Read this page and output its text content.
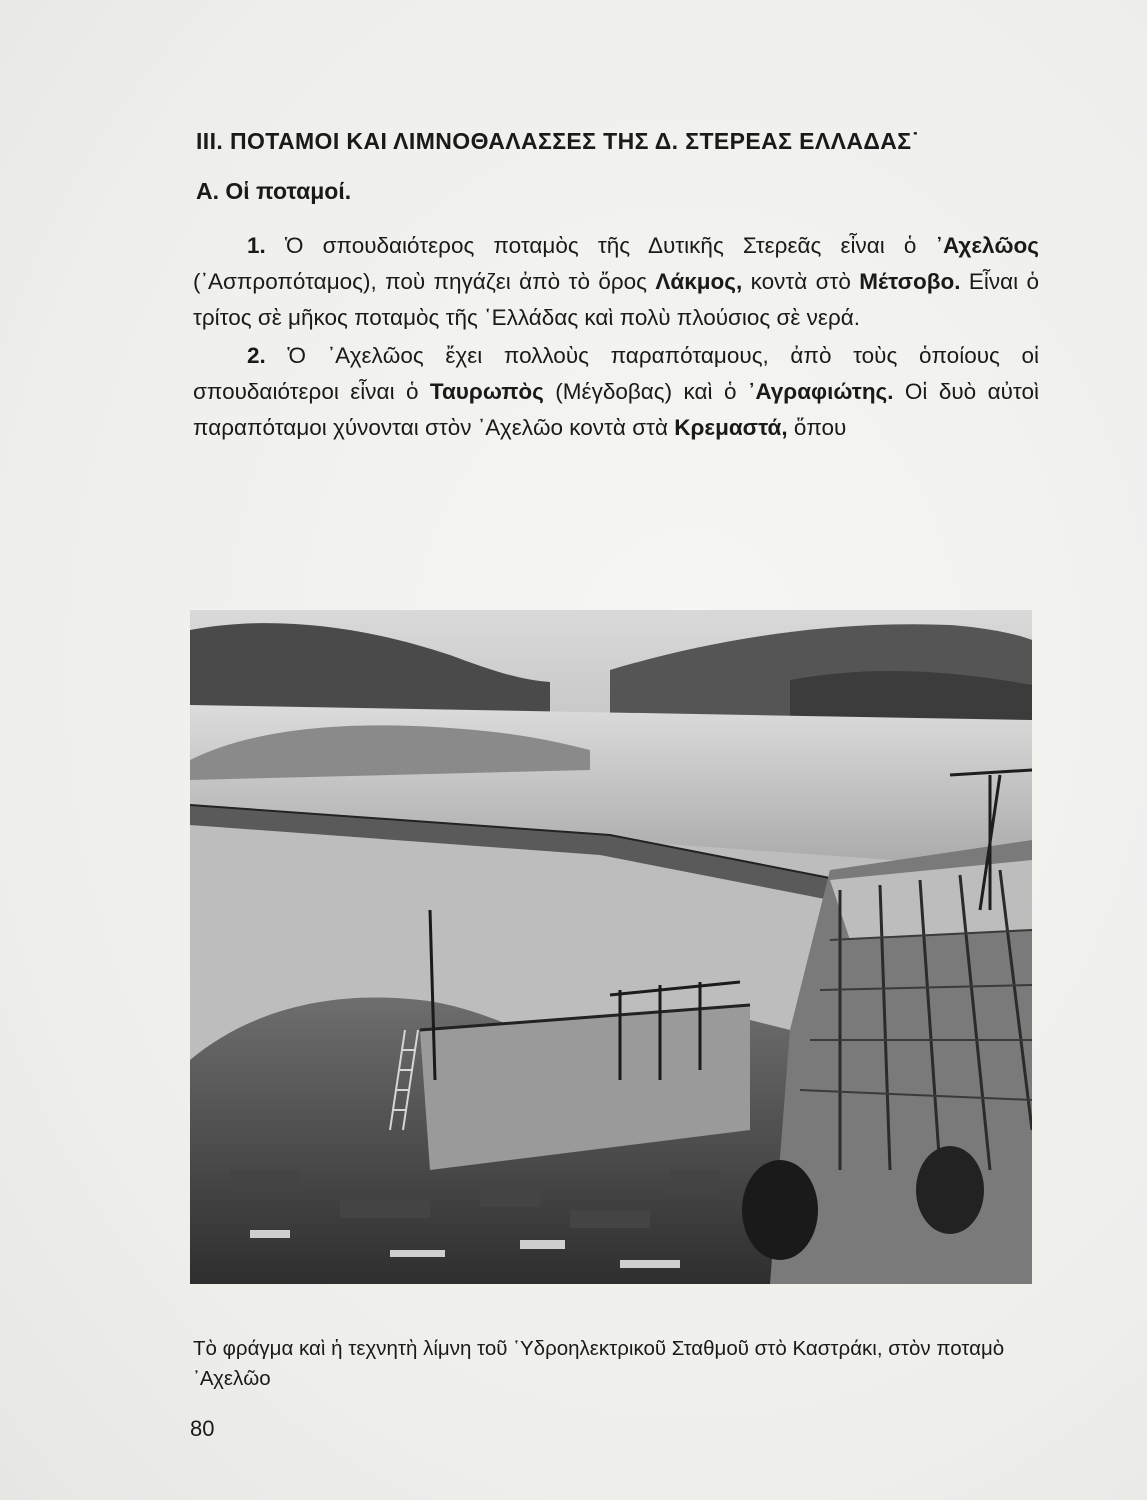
III. ΠΟΤΑΜΟΙ ΚΑΙ ΛΙΜΝΟΘΑΛΑΣΣΕΣ ΤΗΣ Δ. ΣΤΕΡΕΑΣ ΕΛΛΑΔΑΣ˙
Α. Οἱ ποταμοί.

1. Ὁ σπουδαιότερος ποταμὸς τῆς Δυτικῆς Στερεᾶς εἶναι ὁ ᾿Αχελῶος (᾿Ασπροπόταμος), ποὺ πηγάζει ἀπὸ τὸ ὄρος Λάκμος, κοντὰ στὸ Μέτσοβο. Εἶναι ὁ τρίτος σὲ μῆκος ποταμὸς τῆς ῾Ελλάδας καὶ πολὺ πλούσιος σὲ νερά.

2. Ὁ ᾿Αχελῶος ἔχει πολλοὺς παραπόταμους, ἀπὸ τοὺς ὁποίους οἱ σπουδαιότεροι εἶναι ὁ Ταυρωπὸς (Μέγδοβας) καὶ ὁ ᾿Αγραφιώτης. Οἱ δυὸ αὐτοὶ παραπόταμοι χύνονται στὸν ᾿Αχελῶο κοντὰ στὰ Κρεμαστά, ὅπου

Τὸ φράγμα καὶ ἡ τεχνητὴ λίμνη τοῦ ῾Υδροηλεκτρικοῦ Σταθμοῦ στὸ Καστράκι, στὸν ποταμὸ ᾿Αχελῶο
80
